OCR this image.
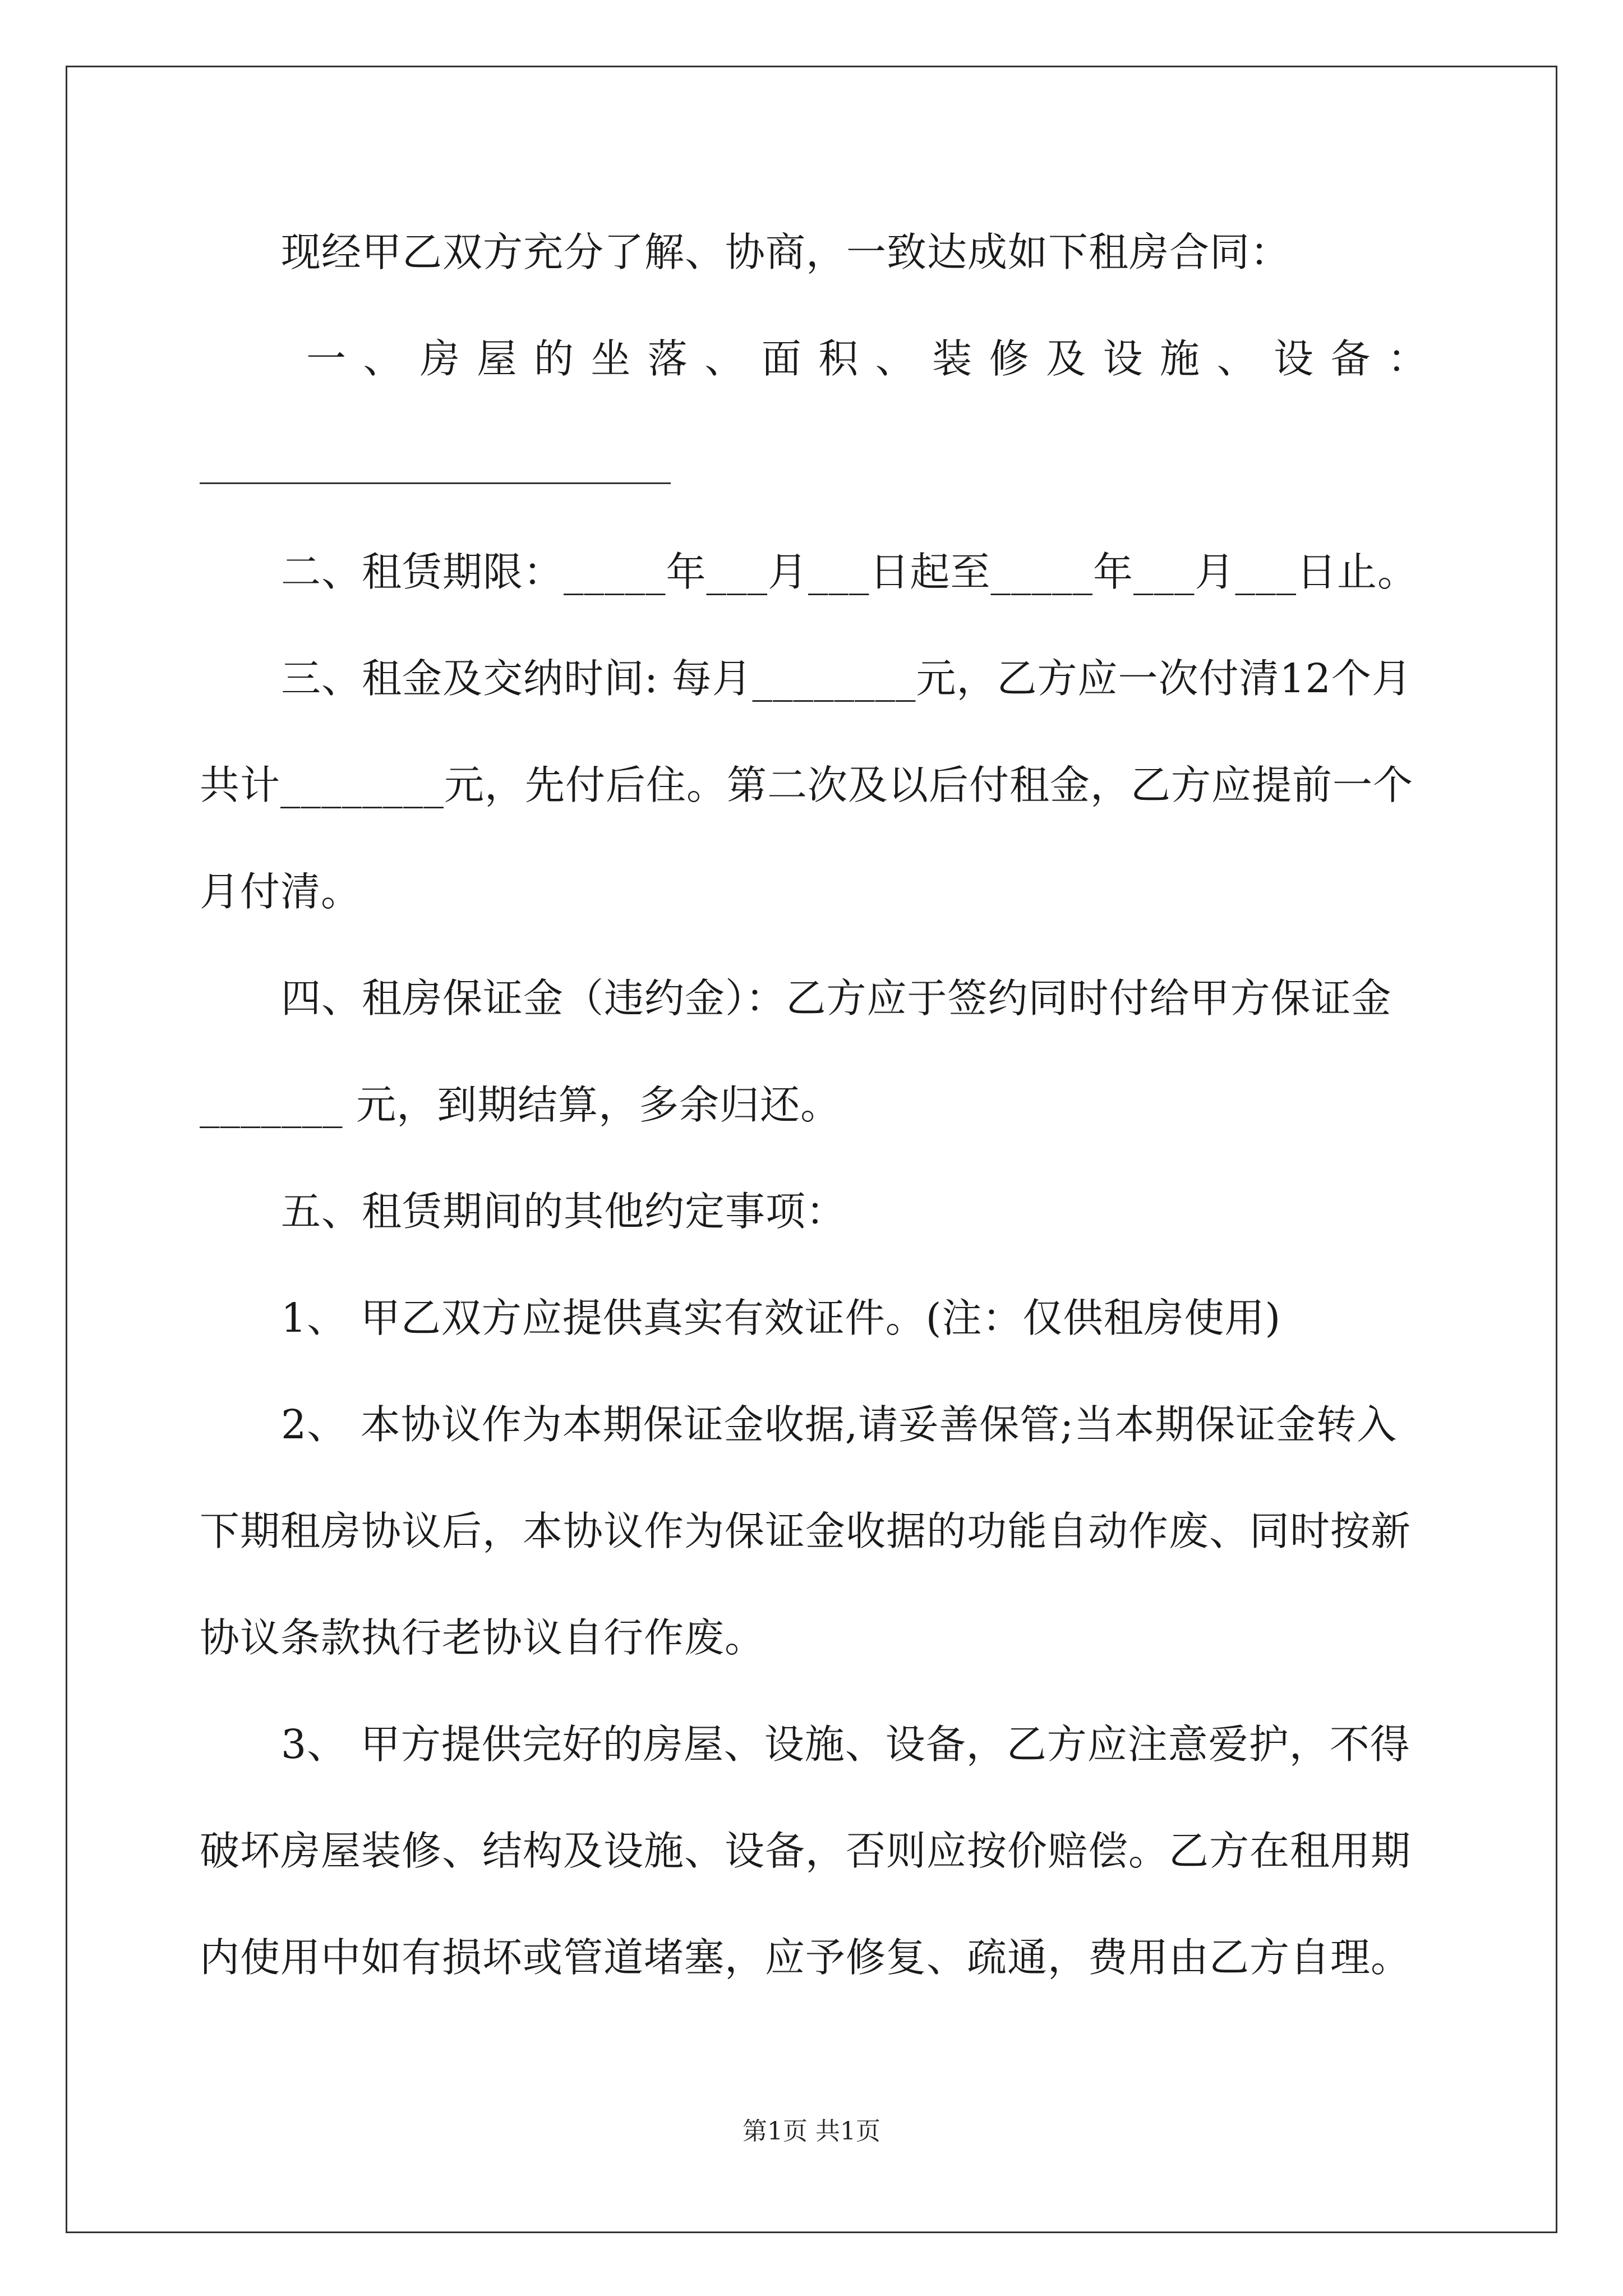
现经甲乙双方充分了解、协商，一致达成如下租房合同：
一 、 房 屋 的 坐 落 、 面 积 、 装 修 及 设 施 、 设 备 ：
二、租赁期限：_____年___月___日起至_____年___月___日止。
三、租金及交纳时间: 每月________元，乙方应一次付清12个月
共计________元，先付后住。第二次及以后付租金，乙方应提前一个
月付清。
四、租房保证金（违约金）：乙方应于签约同时付给甲方保证金
_______ 元，到期结算，多余归还。
五、租赁期间的其他约定事项：
1、 甲乙双方应提供真实有效证件。(注：仅供租房使用)
2、 本协议作为本期保证金收据,请妥善保管;当本期保证金转入
下期租房协议后，本协议作为保证金收据的功能自动作废、同时按新
协议条款执行老协议自行作废。
3、 甲方提供完好的房屋、设施、设备，乙方应注意爱护，不得
破坏房屋装修、结构及设施、设备，否则应按价赔偿。乙方在租用期
内使用中如有损坏或管道堵塞，应予修复、疏通，费用由乙方自理。
第1页 共1页
